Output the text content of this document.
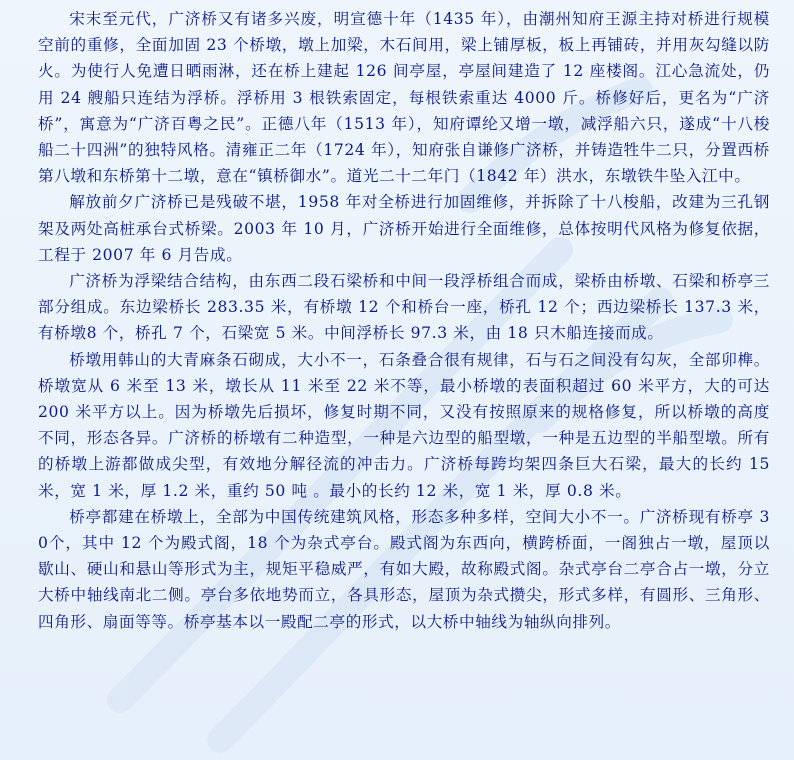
宋末至元代，广济桥又有诸多兴废，明宣德十年（1435 年），由潮州知府王源主持对桥进行规模空前的重修，全面加固 23 个桥墩，墩上加梁，木石间用，梁上铺厚板，板上再铺砖，并用灰勾缝以防火。为使行人免遭日晒雨淋，还在桥上建起 126 间亭屋，亭屋间建造了 12 座楼阁。江心急流处，仍用 24 艘船只连结为浮桥。浮桥用 3 根铁索固定，每根铁索重达 4000 斤。桥修好后，更名为“广济桥”，寓意为“广济百粤之民”。正德八年（1513 年），知府谭纶又增一墩，减浮船六只，遂成“十八梭船二十四洲”的独特风格。清雍正二年（1724 年），知府张自谦修广济桥，并铸造牲牛二只，分置西桥第八墩和东桥第十二墩，意在“镇桥御水”。道光二十二年门（1842 年）洪水，东墩铁牛坠入江中。

解放前夕广济桥已是残破不堪，1958 年对全桥进行加固维修，并拆除了十八梭船，改建为三孔钢架及两处高桩承台式桥梁。2003 年 10 月，广济桥开始进行全面维修，总体按明代风格为修复依据，工程于 2007 年 6 月告成。

广济桥为浮梁结合结构，由东西二段石梁桥和中间一段浮桥组合而成，梁桥由桥墩、石梁和桥亭三部分组成。东边梁桥长 283.35 米，有桥墩 12 个和桥台一座，桥孔 12 个；西边梁桥长 137.3 米，有桥墩8 个，桥孔 7 个，石梁宽 5 米。中间浮桥长 97.3 米，由 18 只木船连接而成。

桥墩用韩山的大青麻条石砌成，大小不一，石条叠合很有规律，石与石之间没有勾灰，全部卯榫。桥墩宽从 6 米至 13 米，墩长从 11 米至 22 米不等，最小桥墩的表面积超过 60 米平方，大的可达 200 米平方以上。因为桥墩先后损坏，修复时期不同，又没有按照原来的规格修复，所以桥墩的高度不同，形态各异。广济桥的桥墩有二种造型，一种是六边型的船型墩，一种是五边型的半船型墩。所有的桥墩上游都做成尖型，有效地分解径流的冲击力。广济桥每跨均架四条巨大石梁，最大的长约 15 米，宽 1 米，厚 1.2 米，重约 50 吨 。最小的长约 12 米，宽 1 米，厚 0.8 米。

桥亭都建在桥墩上，全部为中国传统建筑风格，形态多种多样，空间大小不一。广济桥现有桥亭 30个，其中 12 个为殿式阁，18 个为杂式亭台。殿式阁为东西向，横跨桥面，一阁独占一墩，屋顶以歇山、硬山和悬山等形式为主，规矩平稳威严，有如大殿，故称殿式阁。杂式亭台二亭合占一墩，分立大桥中轴线南北二侧。亭台多依地势而立，各具形态，屋顶为杂式攒尖，形式多样，有圆形、三角形、四角形、扇面等等。桥亭基本以一殿配二亭的形式，以大桥中轴线为轴纵向排列。
